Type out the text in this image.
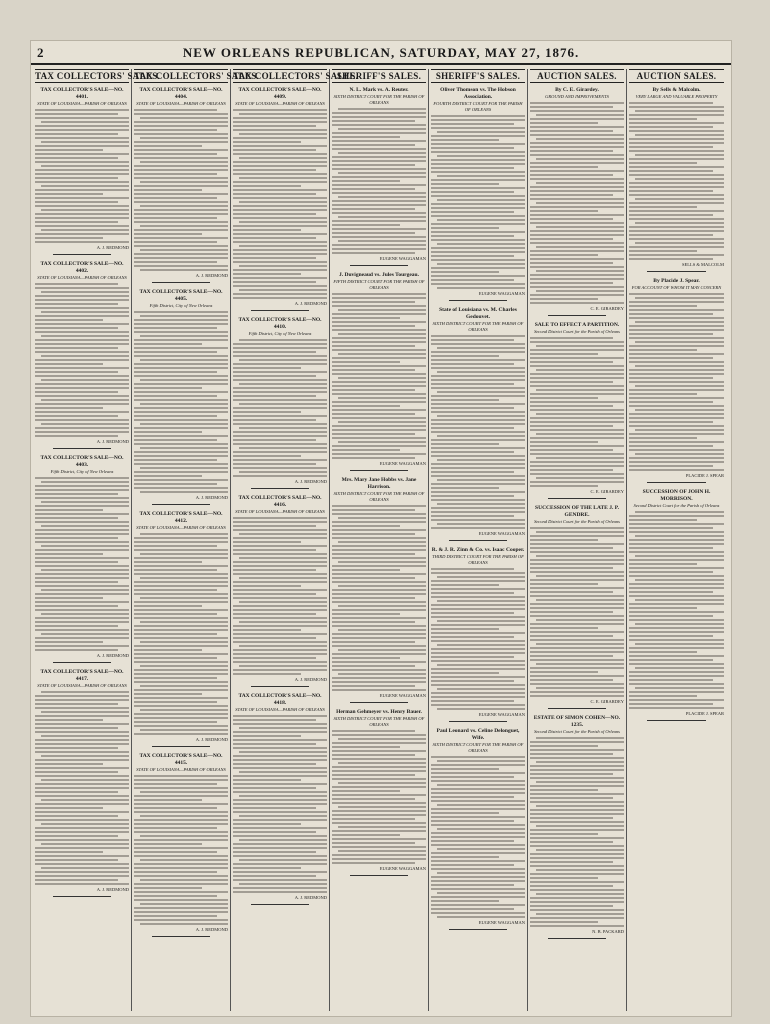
2	NEW ORLEANS REPUBLICAN, SATURDAY, MAY 27, 1876.
TAX COLLECTORS' SALES.
TAX COLLECTOR'S SALE—NO. 4401.
STATE OF LOUISIANA—PARISH OF ORLEANS
A. J. REDMOND
TAX COLLECTOR'S SALE—NO. 4402.
STATE OF LOUISIANA—PARISH OF ORLEANS
A. J. REDMOND
TAX COLLECTOR'S SALE—NO. 4403.
Fifth District, City of New Orleans
A. J. REDMOND
TAX COLLECTOR'S SALE—NO. 4417.
STATE OF LOUISIANA—PARISH OF ORLEANS
A. J. REDMOND
TAX COLLECTORS' SALES.
TAX COLLECTOR'S SALE—NO. 4404.
STATE OF LOUISIANA—PARISH OF ORLEANS
A. J. REDMOND
TAX COLLECTOR'S SALE—NO. 4405.
Fifth District, City of New Orleans
A. J. REDMOND
TAX COLLECTOR'S SALE—NO. 4412.
STATE OF LOUISIANA—PARISH OF ORLEANS
A. J. REDMOND
TAX COLLECTOR'S SALE—NO. 4415.
STATE OF LOUISIANA—PARISH OF ORLEANS
A. J. REDMOND
TAX COLLECTORS' SALES.
TAX COLLECTOR'S SALE—NO. 4409.
STATE OF LOUISIANA—PARISH OF ORLEANS
A. J. REDMOND
TAX COLLECTOR'S SALE—NO. 4410.
Fifth District, City of New Orleans
A. J. REDMOND
TAX COLLECTOR'S SALE—NO. 4416.
STATE OF LOUISIANA—PARISH OF ORLEANS
A. J. REDMOND
TAX COLLECTOR'S SALE—NO. 4418.
STATE OF LOUISIANA—PARISH OF ORLEANS
A. J. REDMOND
SHERIFF'S SALES.
N. L. Mark vs. A. Reuter.
SIXTH DISTRICT COURT FOR THE PARISH OF ORLEANS
EUGENE WAGGAMAN
J. Duvigneaud vs. Jules Tourgeau.
FIFTH DISTRICT COURT FOR THE PARISH OF ORLEANS
EUGENE WAGGAMAN
Mrs. Mary Jane Hobbs vs. Jane Harrison.
SIXTH DISTRICT COURT FOR THE PARISH OF ORLEANS
EUGENE WAGGAMAN
Herman Gehmeyer vs. Henry Bauer.
SIXTH DISTRICT COURT FOR THE PARISH OF ORLEANS
EUGENE WAGGAMAN
SHERIFF'S SALES.
Oliver Thomson vs. The Hobson Association.
FOURTH DISTRICT COURT FOR THE PARISH OF ORLEANS
EUGENE WAGGAMAN
State of Louisiana vs. M. Charles Gedouvet.
SIXTH DISTRICT COURT FOR THE PARISH OF ORLEANS
EUGENE WAGGAMAN
R. & J. R. Zinn & Co. vs. Isaac Cooper.
THIRD DISTRICT COURT FOR THE PARISH OF ORLEANS
EUGENE WAGGAMAN
Paul Leonard vs. Celine Delonguet, Wife.
SIXTH DISTRICT COURT FOR THE PARISH OF ORLEANS
EUGENE WAGGAMAN
AUCTION SALES.
By C. E. Girardey.
GROUND AND IMPROVEMENTS
C. E. GIRARDEY
SALE TO EFFECT A PARTITION.
Second District Court for the Parish of Orleans
C. E. GIRARDEY
SUCCESSION OF THE LATE J. P. GENDRE.
Second District Court for the Parish of Orleans
C. E. GIRARDEY
ESTATE OF SIMON COHEN—NO. 1235.
Second District Court for the Parish of Orleans
N. B. PACKARD
AUCTION SALES.
By Sells & Malcolm.
VERY LARGE AND VALUABLE PROPERTY
SELLS & MALCOLM
By Placide J. Spear.
FOR ACCOUNT OF WHOM IT MAY CONCERN
PLACIDE J. SPEAR
SUCCESSION OF JOHN H. MORRISON.
Second District Court for the Parish of Orleans
PLACIDE J. SPEAR
